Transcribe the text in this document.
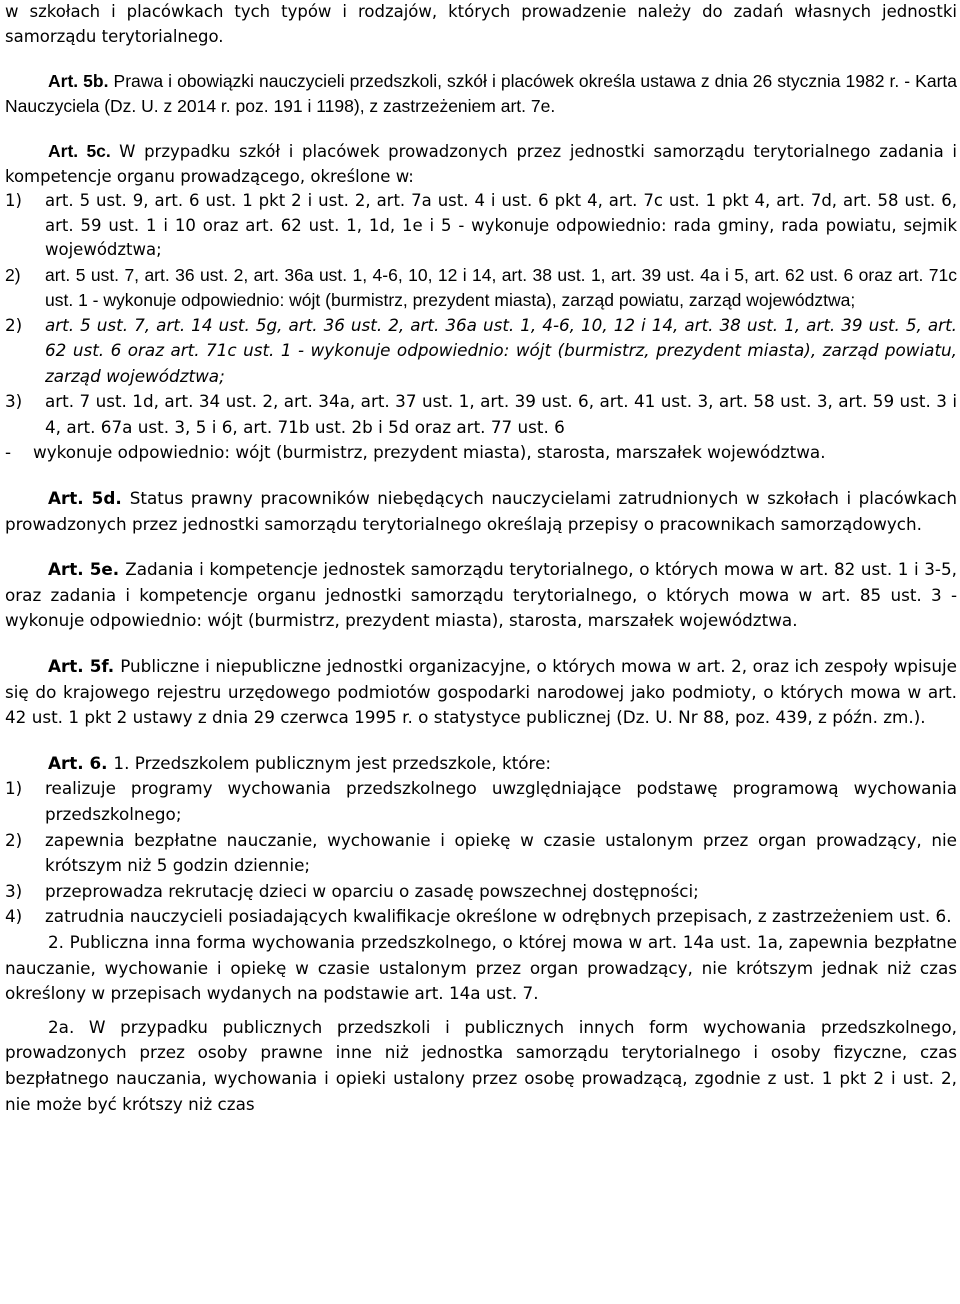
w szkołach i placówkach tych typów i rodzajów, których prowadzenie należy do zadań własnych jednostki samorządu terytorialnego.

Art. 5b. Prawa i obowiązki nauczycieli przedszkoli, szkół i placówek określa ustawa z dnia 26 stycznia 1982 r. - Karta Nauczyciela (Dz. U. z 2014 r. poz. 191 i 1198), z zastrzeżeniem art. 7e.

Art. 5c. W przypadku szkół i placówek prowadzonych przez jednostki samorządu terytorialnego zadania i kompetencje organu prowadzącego, określone w:

1) art. 5 ust. 9, art. 6 ust. 1 pkt 2 i ust. 2, art. 7a ust. 4 i ust. 6 pkt 4, art. 7c ust. 1 pkt 4, art. 7d, art. 58 ust. 6, art. 59 ust. 1 i 10 oraz art. 62 ust. 1, 1d, 1e i 5 - wykonuje odpowiednio: rada gminy, rada powiatu, sejmik województwa;

2) art. 5 ust. 7, art. 36 ust. 2, art. 36a ust. 1, 4-6, 10, 12 i 14, art. 38 ust. 1, art. 39 ust. 4a i 5, art. 62 ust. 6 oraz art. 71c ust. 1 - wykonuje odpowiednio: wójt (burmistrz, prezydent miasta), zarząd powiatu, zarząd województwa;

2) art. 5 ust. 7, art. 14 ust. 5g, art. 36 ust. 2, art. 36a ust. 1, 4-6, 10, 12 i 14, art. 38 ust. 1, art. 39 ust. 5, art. 62 ust. 6 oraz art. 71c ust. 1 - wykonuje odpowiednio: wójt (burmistrz, prezydent miasta), zarząd powiatu, zarząd województwa;

3) art. 7 ust. 1d, art. 34 ust. 2, art. 34a, art. 37 ust. 1, art. 39 ust. 6, art. 41 ust. 3, art. 58 ust. 3, art. 59 ust. 3 i 4, art. 67a ust. 3, 5 i 6, art. 71b ust. 2b i 5d oraz art. 77 ust. 6

- wykonuje odpowiednio: wójt (burmistrz, prezydent miasta), starosta, marszałek województwa.

Art. 5d. Status prawny pracowników niebędących nauczycielami zatrudnionych w szkołach i placówkach prowadzonych przez jednostki samorządu terytorialnego określają przepisy o pracownikach samorządowych.

Art. 5e. Zadania i kompetencje jednostek samorządu terytorialnego, o których mowa w art. 82 ust. 1 i 3-5, oraz zadania i kompetencje organu jednostki samorządu terytorialnego, o których mowa w art. 85 ust. 3 - wykonuje odpowiednio: wójt (burmistrz, prezydent miasta), starosta, marszałek województwa.

Art. 5f. Publiczne i niepubliczne jednostki organizacyjne, o których mowa w art. 2, oraz ich zespoły wpisuje się do krajowego rejestru urzędowego podmiotów gospodarki narodowej jako podmioty, o których mowa w art. 42 ust. 1 pkt 2 ustawy z dnia 29 czerwca 1995 r. o statystyce publicznej (Dz. U. Nr 88, poz. 439, z późn. zm.).

Art. 6. 1. Przedszkolem publicznym jest przedszkole, które:

1) realizuje programy wychowania przedszkolnego uwzględniające podstawę programową wychowania przedszkolnego;

2) zapewnia bezpłatne nauczanie, wychowanie i opiekę w czasie ustalonym przez organ prowadzący, nie krótszym niż 5 godzin dziennie;

3) przeprowadza rekrutację dzieci w oparciu o zasadę powszechnej dostępności;

4) zatrudnia nauczycieli posiadających kwalifikacje określone w odrębnych przepisach, z zastrzeżeniem ust. 6.

2. Publiczna inna forma wychowania przedszkolnego, o której mowa w art. 14a ust. 1a, zapewnia bezpłatne nauczanie, wychowanie i opiekę w czasie ustalonym przez organ prowadzący, nie krótszym jednak niż czas określony w przepisach wydanych na podstawie art. 14a ust. 7.

2a. W przypadku publicznych przedszkoli i publicznych innych form wychowania przedszkolnego, prowadzonych przez osoby prawne inne niż jednostka samorządu terytorialnego i osoby fizyczne, czas bezpłatnego nauczania, wychowania i opieki ustalony przez osobę prowadzącą, zgodnie z ust. 1 pkt 2 i ust. 2, nie może być krótszy niż czas
